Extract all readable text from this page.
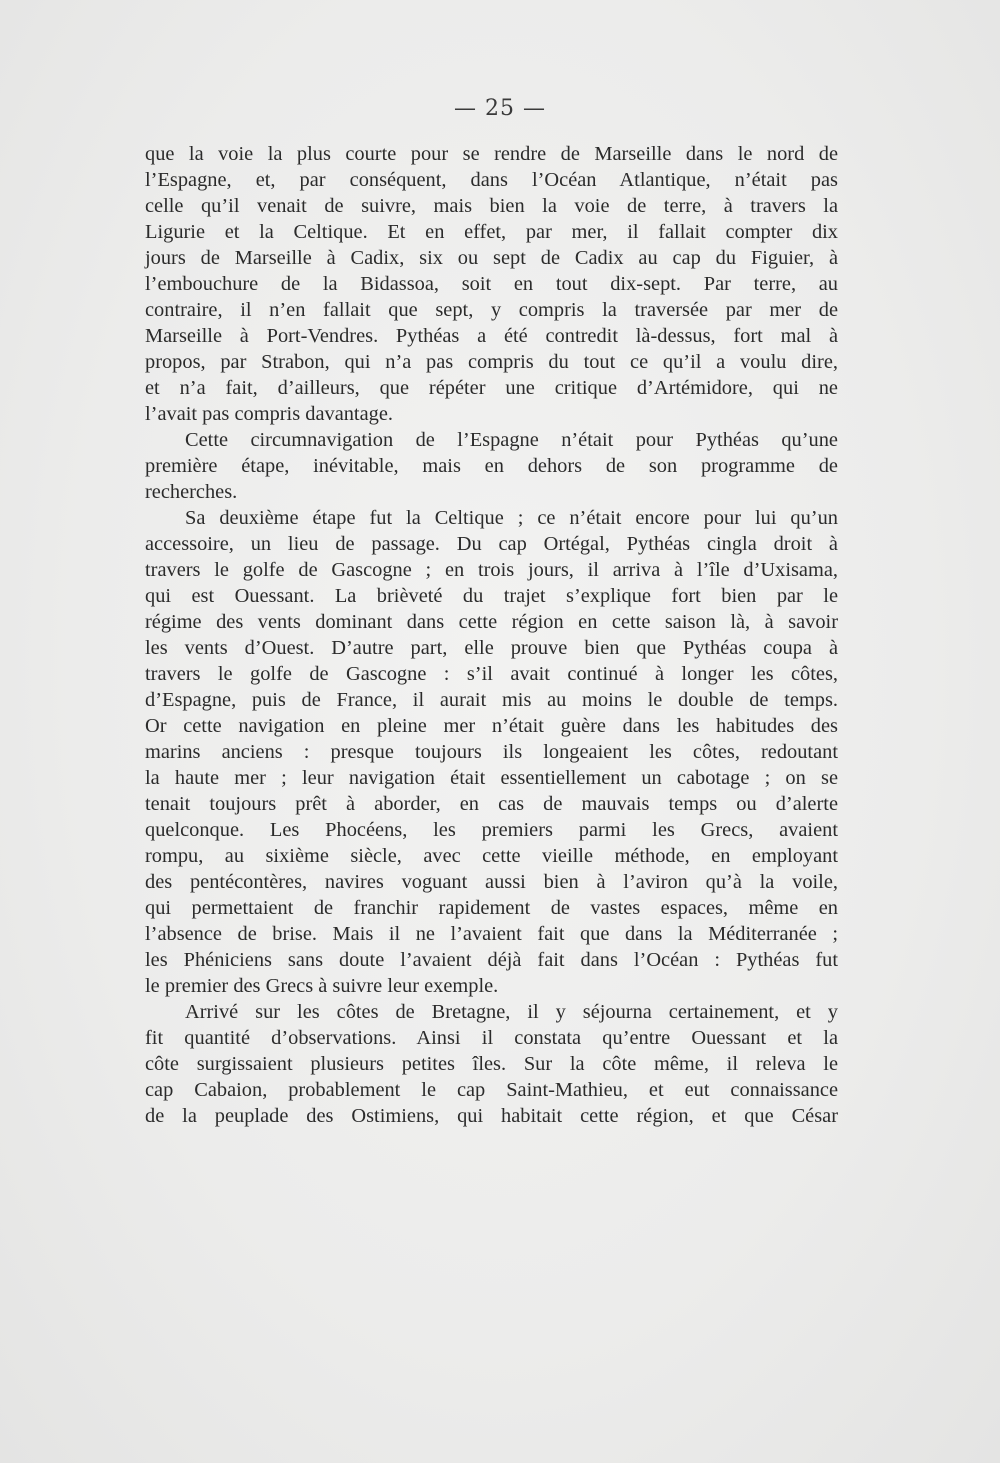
— 25 —
que la voie la plus courte pour se rendre de Marseille dans le nord de
l’Espagne, et, par conséquent, dans l’Océan Atlantique, n’était pas
celle qu’il venait de suivre, mais bien la voie de terre, à travers la
Ligurie et la Celtique. Et en effet, par mer, il fallait compter dix
jours de Marseille à Cadix, six ou sept de Cadix au cap du Figuier, à
l’embouchure de la Bidassoa, soit en tout dix-sept. Par terre, au
contraire, il n’en fallait que sept, y compris la traversée par mer de
Marseille à Port-Vendres. Pythéas a été contredit là-dessus, fort mal à
propos, par Strabon, qui n’a pas compris du tout ce qu’il a voulu dire,
et n’a fait, d’ailleurs, que répéter une critique d’Artémidore, qui ne
l’avait pas compris davantage.
Cette circumnavigation de l’Espagne n’était pour Pythéas qu’une
première étape, inévitable, mais en dehors de son programme de
recherches.
Sa deuxième étape fut la Celtique ; ce n’était encore pour lui qu’un
accessoire, un lieu de passage. Du cap Ortégal, Pythéas cingla droit à
travers le golfe de Gascogne ; en trois jours, il arriva à l’île d’Uxisama,
qui est Ouessant. La brièveté du trajet s’explique fort bien par le
régime des vents dominant dans cette région en cette saison là, à savoir
les vents d’Ouest. D’autre part, elle prouve bien que Pythéas coupa à
travers le golfe de Gascogne : s’il avait continué à longer les côtes,
d’Espagne, puis de France, il aurait mis au moins le double de temps.
Or cette navigation en pleine mer n’était guère dans les habitudes des
marins anciens : presque toujours ils longeaient les côtes, redoutant
la haute mer ; leur navigation était essentiellement un cabotage ; on se
tenait toujours prêt à aborder, en cas de mauvais temps ou d’alerte
quelconque. Les Phocéens, les premiers parmi les Grecs, avaient
rompu, au sixième siècle, avec cette vieille méthode, en employant
des pentécontères, navires voguant aussi bien à l’aviron qu’à la voile,
qui permettaient de franchir rapidement de vastes espaces, même en
l’absence de brise. Mais il ne l’avaient fait que dans la Méditerranée ;
les Phéniciens sans doute l’avaient déjà fait dans l’Océan : Pythéas fut
le premier des Grecs à suivre leur exemple.
Arrivé sur les côtes de Bretagne, il y séjourna certainement, et y
fit quantité d’observations. Ainsi il constata qu’entre Ouessant et la
côte surgissaient plusieurs petites îles. Sur la côte même, il releva le
cap Cabaion, probablement le cap Saint-Mathieu, et eut connaissance
de la peuplade des Ostimiens, qui habitait cette région, et que César
